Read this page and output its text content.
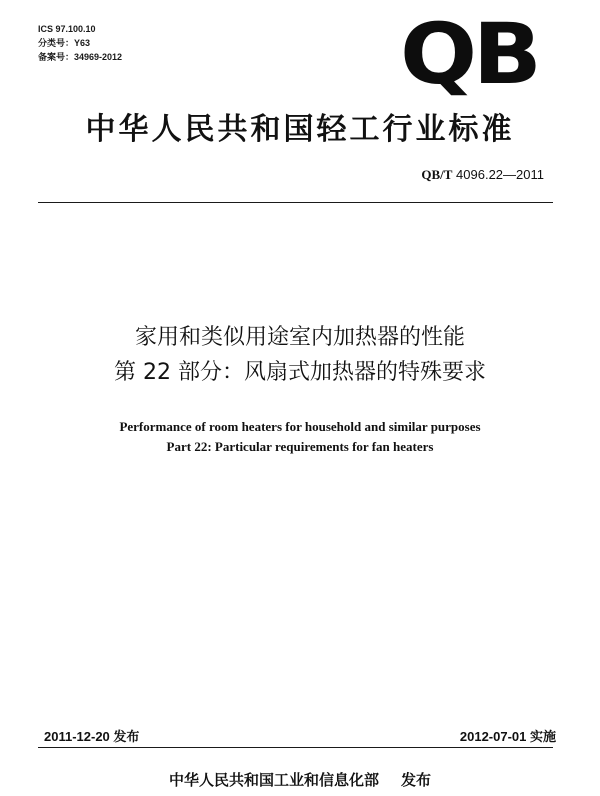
ICS 97.100.10
分类号：Y63
备案号：34969-2012	QB
中华人民共和国轻工行业标准
QB/T 4096.22—2011
家用和类似用途室内加热器的性能
第 22 部分：风扇式加热器的特殊要求
Performance of room heaters for household and similar purposes
Part 22: Particular requirements for fan heaters
2011-12-20 发布	2012-07-01 实施
中华人民共和国工业和信息化部 发布
